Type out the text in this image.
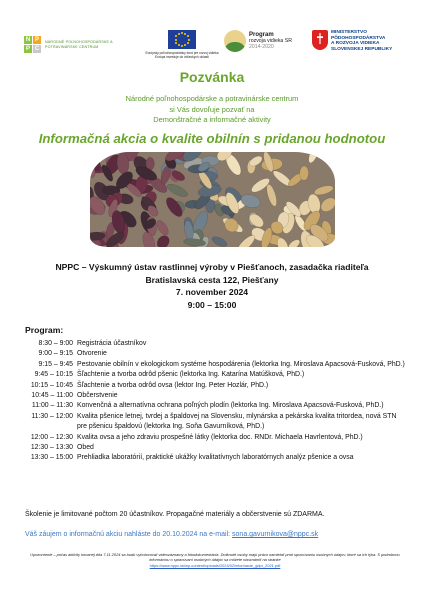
N P
P C
NÁRODNÉ POĽNOHOSPODÁRSKE A POTRAVINÁRSKE CENTRUM
Európsky poľnohospodársky fond pre rozvoj vidieka
Európa investuje do vidieckych oblastí
Program
rozvoja vidieka SR
2014-2020
MINISTERSTVO
PÔDOHOSPODÁRSTVA
A ROZVOJA VIDIEKA
SLOVENSKEJ REPUBLIKY
Pozvánka
Národné poľnohospodárske a potravinárske centrum
si Vás dovoľuje pozvať na
Demonštračné a informačné aktivity
Informačná akcia o kvalite obilnín s pridanou hodnotou
NPPC – Výskumný ústav rastlinnej výroby v Piešťanoch, zasadačka riaditeľa
Bratislavská cesta 122, Piešťany
7. november 2024
9:00 – 15:00
Program:
8:30 – 9:00 Registrácia účastníkov
9:00 – 9:15 Otvorenie
9:15 – 9:45 Pestovanie obilnín v ekologickom systéme hospodárenia (lektorka Ing. Miroslava Apacsová-Fusková, PhD.)
9:45 – 10:15 Šľachtenie a tvorba odrôd pšenic (lektorka Ing. Katarína Matúšková, PhD.)
10:15 – 10:45 Šľachtenie a tvorba odrôd ovsa (lektor Ing. Peter Hozlár, PhD.)
10:45 – 11:00 Občerstvenie
11:00 – 11:30 Konvenčná a alternatívna ochrana poľných plodín (lektorka Ing. Miroslava Apacsová-Fusková, PhD.)
11:30 – 12:00 Kvalita pšenice letnej, tvrdej a špaldovej na Slovensku, mlynárska a pekárska kvalita tritordea, nová STN pre pšenicu špaldovú (lektorka Ing. Soňa Gavurníková, PhD.)
12:00 – 12:30 Kvalita ovsa a jeho zdraviu prospešné látky (lektorka doc. RNDr. Michaela Havrlentová, PhD.)
12:30 – 13:30 Obed
13:30 – 15:00 Prehliadka laboratórií, praktické ukážky kvalitatívnych laboratórnych analýz pšenice a ovsa
Školenie je limitované počtom 20 účastníkov. Propagačné materiály a občerstvenie sú ZDARMA.
Váš záujem o informačnú akciu nahláste do 20.10.2024 na e-mail: sona.gavurnikova@nppc.sk
Upozornenie – počas aktivity konanej dňa 7.11.2024 sa budú vyhotovovať videozáznamy a fotodokumentácia. Dotknuté osoby majú právo namietať proti spracúvaniu osobných údajov, ktoré sa ich týka. S podrobnou informáciou o spracúvaní osobných údajov sa môžete oboznámiť na stránke
https://www.nppc.sk/wp-content/uploads/2024/02/informacie_gdpr_2021.pdf
